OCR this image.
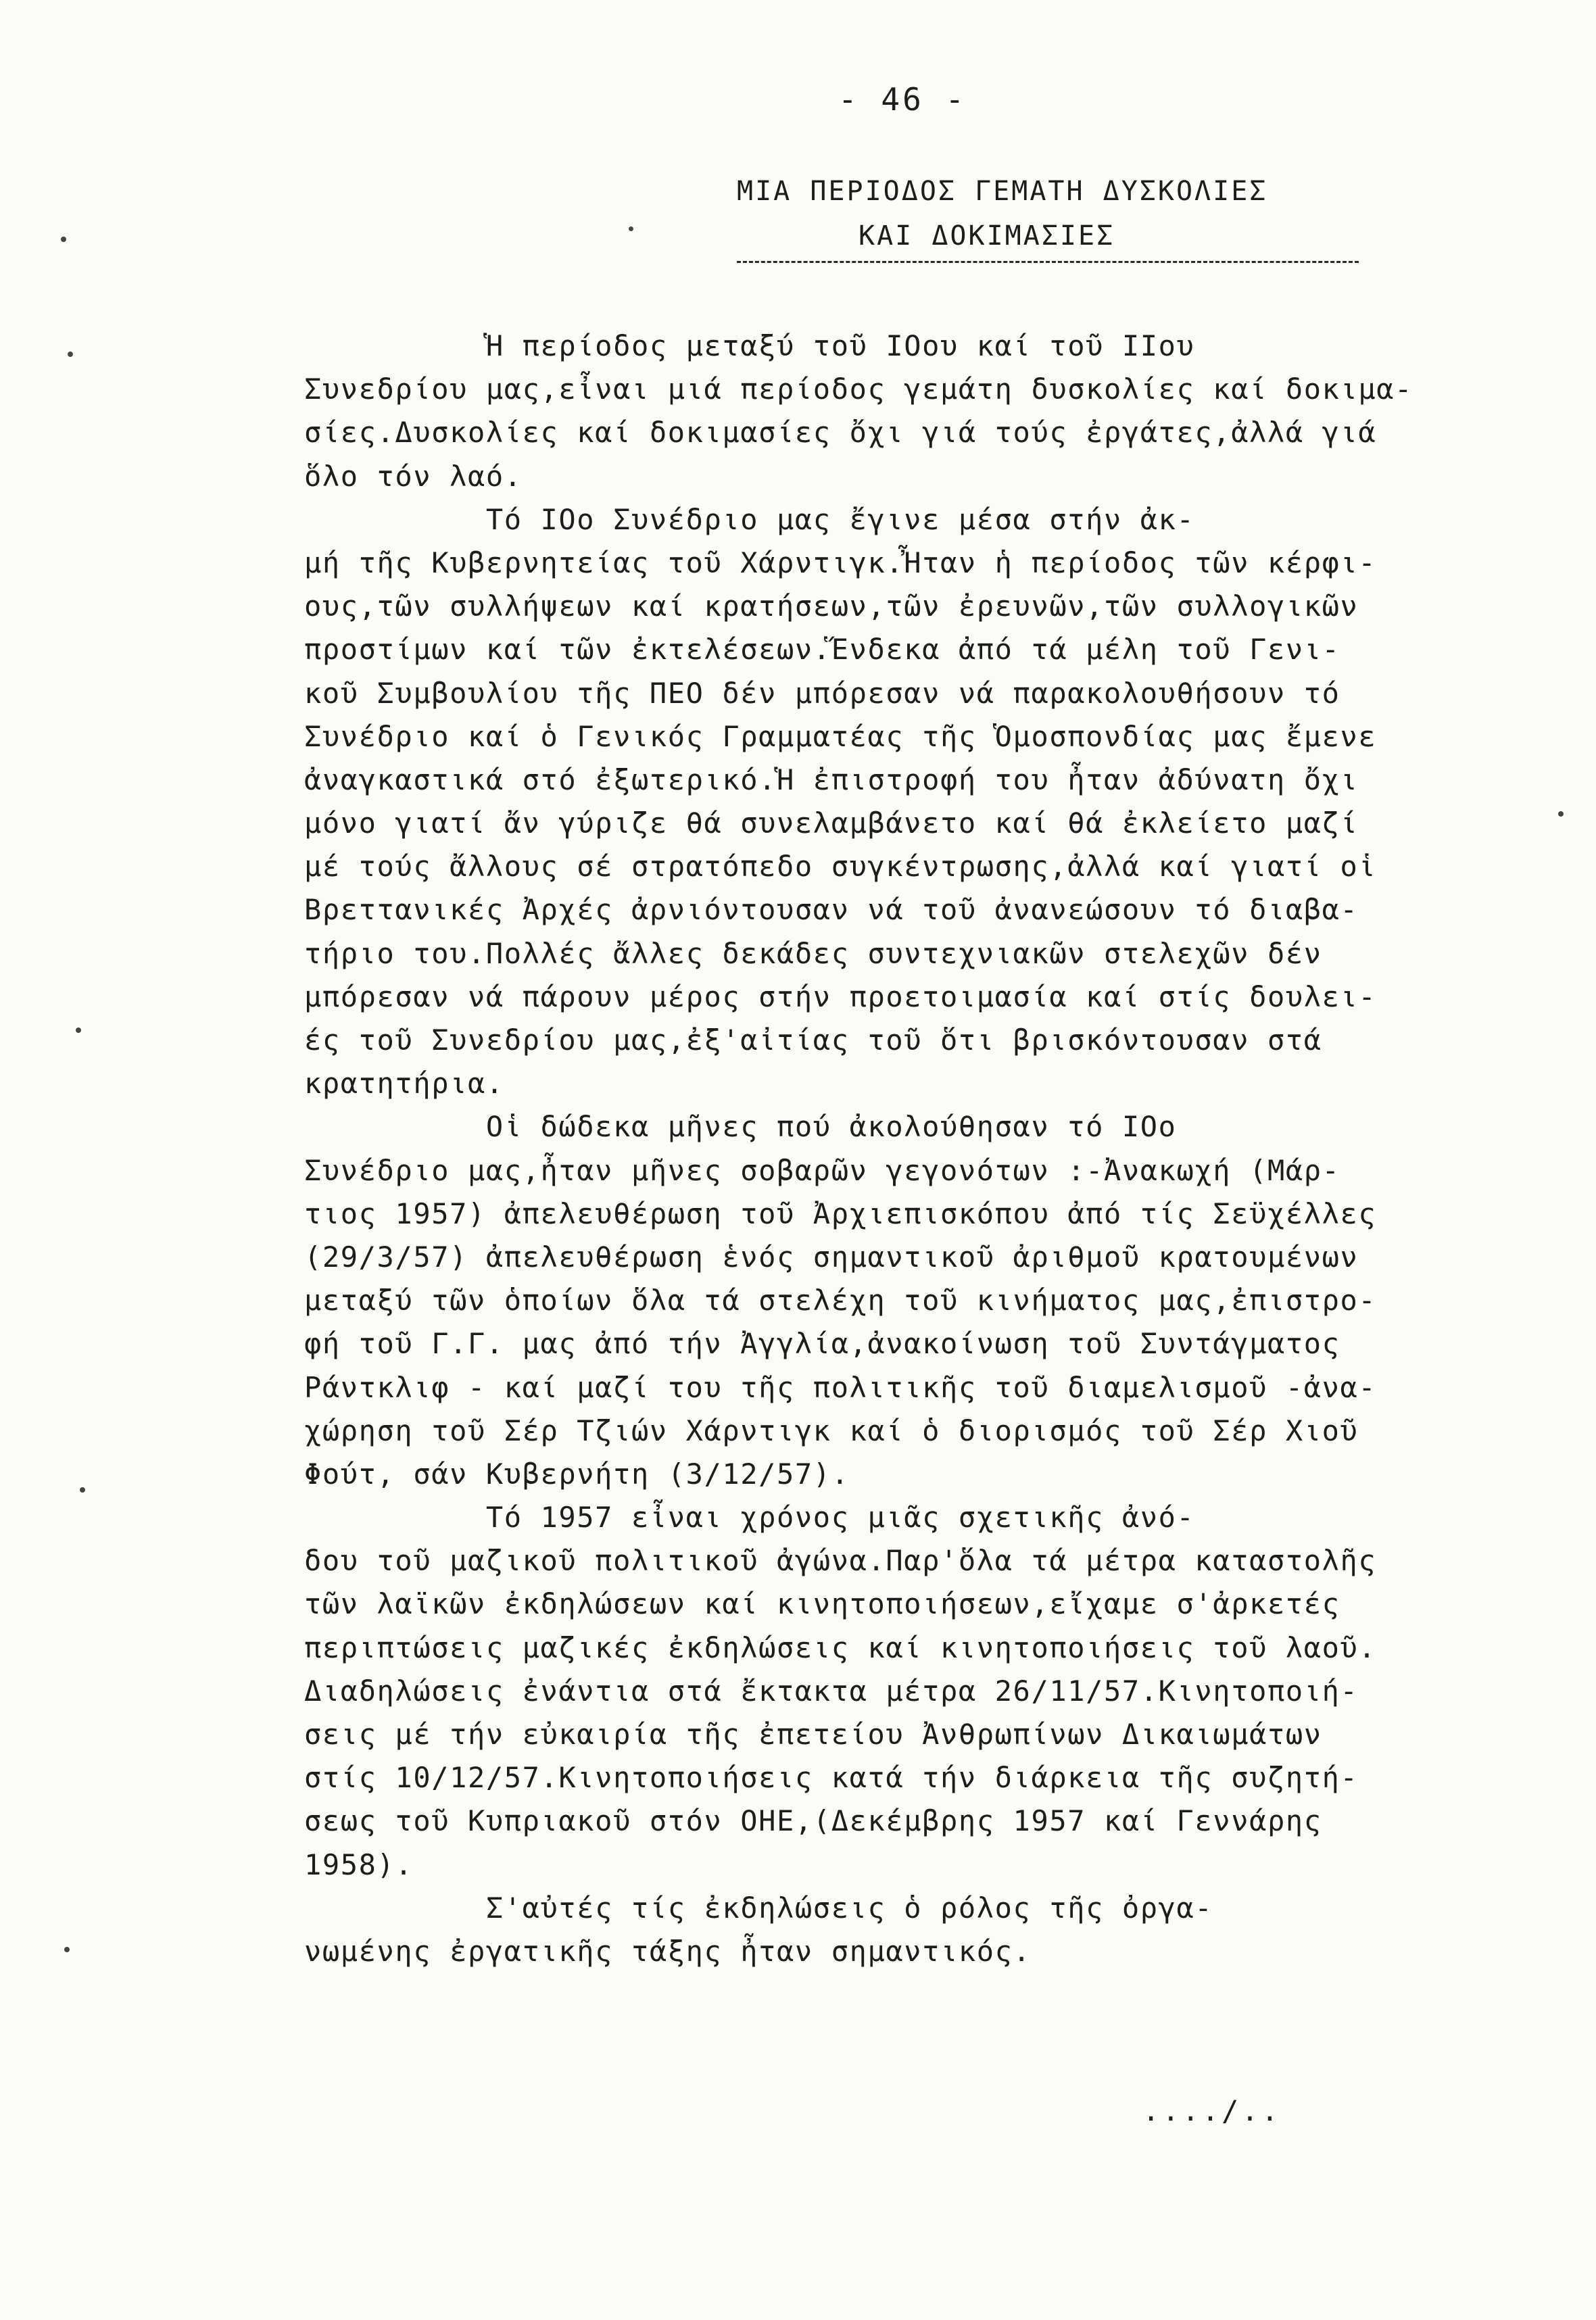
- 46 -
ΜΙΑ ΠΕΡΙΟΔΟΣ ΓΕΜΑΤΗ ΔΥΣΚΟΛΙΕΣ
ΚΑΙ ΔΟΚΙΜΑΣΙΕΣ
Ἡ περίοδος μεταξύ τοῦ ΙΟου καί τοῦ ΙΙου
Συνεδρίου μας,εἶναι μιά περίοδος γεμάτη δυσκολίες καί δοκιμα-
σίες.Δυσκολίες καί δοκιμασίες ὄχι γιά τούς ἐργάτες,ἀλλά γιά
ὅλο τόν λαό.
Τό ΙΟο Συνέδριο μας ἔγινε μέσα στήν ἀκ-
μή τῆς Κυβερνητείας τοῦ Χάρντιγκ.Ἦταν ἡ περίοδος τῶν κέρφι-
ους,τῶν συλλήψεων καί κρατήσεων,τῶν ἐρευνῶν,τῶν συλλογικῶν
προστίμων καί τῶν ἐκτελέσεων.Ἕνδεκα ἀπό τά μέλη τοῦ Γενι-
κοῦ Συμβουλίου τῆς ΠΕΟ δέν μπόρεσαν νά παρακολουθήσουν τό
Συνέδριο καί ὁ Γενικός Γραμματέας τῆς Ὁμοσπονδίας μας ἔμενε
ἀναγκαστικά στό ἐξωτερικό.Ἡ ἐπιστροφή του ἦταν ἀδύνατη ὄχι
μόνο γιατί ἄν γύριζε θά συνελαμβάνετο καί θά ἐκλείετο μαζί
μέ τούς ἄλλους σέ στρατόπεδο συγκέντρωσης,ἀλλά καί γιατί οἱ
Βρεττανικές Ἀρχές ἀρνιόντουσαν νά τοῦ ἀνανεώσουν τό διαβα-
τήριο του.Πολλές ἄλλες δεκάδες συντεχνιακῶν στελεχῶν δέν
μπόρεσαν νά πάρουν μέρος στήν προετοιμασία καί στίς δουλει-
ές τοῦ Συνεδρίου μας,ἐξ'αἰτίας τοῦ ὅτι βρισκόντουσαν στά
κρατητήρια.
Οἱ δώδεκα μῆνες πού ἀκολούθησαν τό ΙΟο
Συνέδριο μας,ἦταν μῆνες σοβαρῶν γεγονότων :-Ἀνακωχή (Μάρ-
τιος 1957) ἀπελευθέρωση τοῦ Ἀρχιεπισκόπου ἀπό τίς Σεϋχέλλες
(29/3/57) ἀπελευθέρωση ἑνός σημαντικοῦ ἀριθμοῦ κρατουμένων
μεταξύ τῶν ὁποίων ὅλα τά στελέχη τοῦ κινήματος μας,ἐπιστρο-
φή τοῦ Γ.Γ. μας ἀπό τήν Ἀγγλία,ἀνακοίνωση τοῦ Συντάγματος
Ράντκλιφ - καί μαζί του τῆς πολιτικῆς τοῦ διαμελισμοῦ -ἀνα-
χώρηση τοῦ Σέρ Τζιών Χάρντιγκ καί ὁ διορισμός τοῦ Σέρ Χιοῦ
Φούτ, σάν Κυβερνήτη (3/12/57).
Τό 1957 εἶναι χρόνος μιᾶς σχετικῆς ἀνό-
δου τοῦ μαζικοῦ πολιτικοῦ ἀγώνα.Παρ'ὅλα τά μέτρα καταστολῆς
τῶν λαϊκῶν ἐκδηλώσεων καί κινητοποιήσεων,εἴχαμε σ'ἀρκετές
περιπτώσεις μαζικές ἐκδηλώσεις καί κινητοποιήσεις τοῦ λαοῦ.
Διαδηλώσεις ἐνάντια στά ἔκτακτα μέτρα 26/11/57.Κινητοποιή-
σεις μέ τήν εὐκαιρία τῆς ἐπετείου Ἀνθρωπίνων Δικαιωμάτων
στίς 10/12/57.Κινητοποιήσεις κατά τήν διάρκεια τῆς συζητή-
σεως τοῦ Κυπριακοῦ στόν ΟΗΕ,(Δεκέμβρης 1957 καί Γεννάρης
1958).
Σ'αὐτές τίς ἐκδηλώσεις ὁ ρόλος τῆς ὀργα-
νωμένης ἐργατικῆς τάξης ἦταν σημαντικός.
..../..
